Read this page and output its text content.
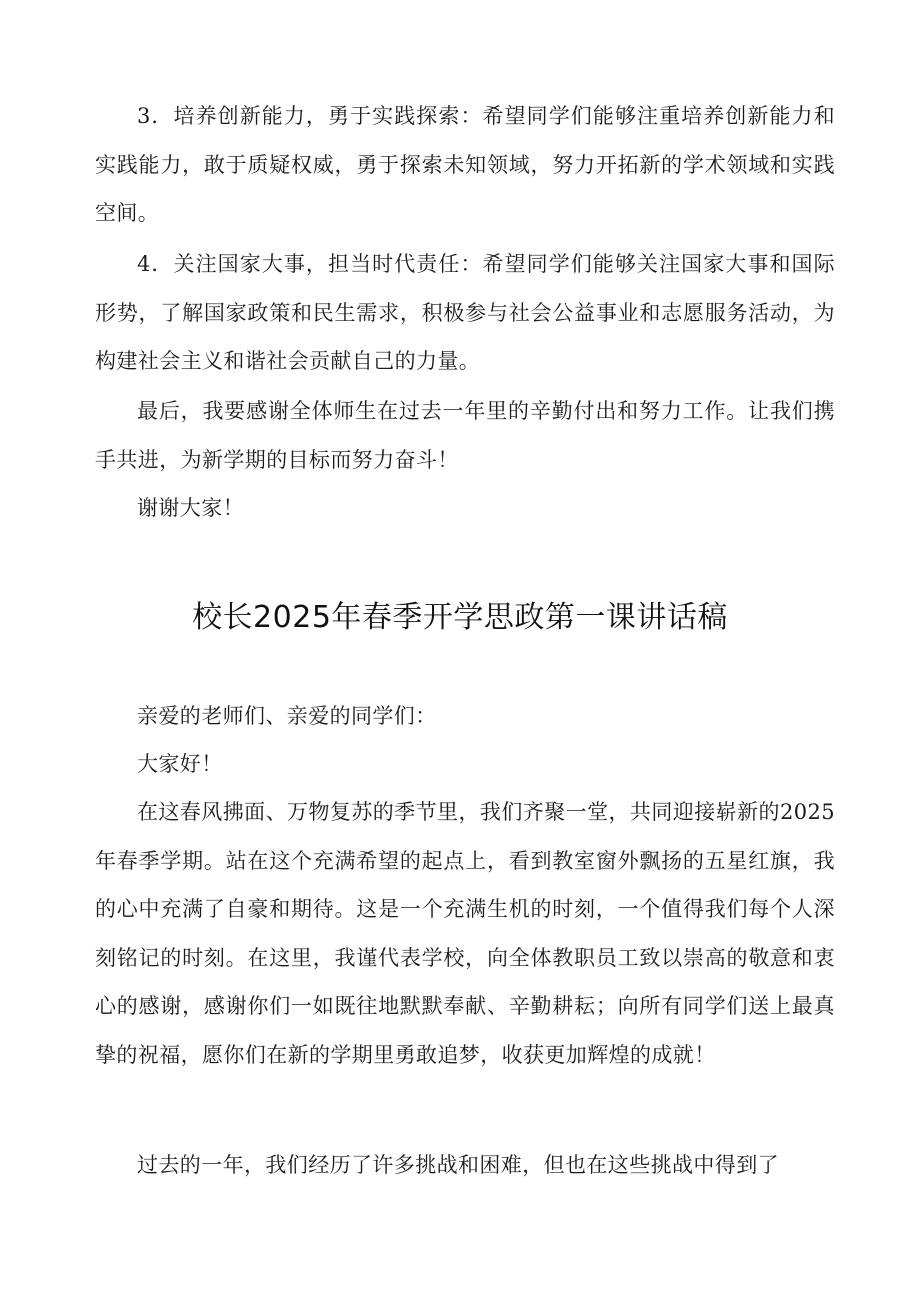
3．培养创新能力，勇于实践探索：希望同学们能够注重培养创新能力和实践能力，敢于质疑权威，勇于探索未知领域，努力开拓新的学术领域和实践空间。

4．关注国家大事，担当时代责任：希望同学们能够关注国家大事和国际形势，了解国家政策和民生需求，积极参与社会公益事业和志愿服务活动，为构建社会主义和谐社会贡献自己的力量。

最后，我要感谢全体师生在过去一年里的辛勤付出和努力工作。让我们携手共进，为新学期的目标而努力奋斗！

谢谢大家！

校长2025年春季开学思政第一课讲话稿

亲爱的老师们、亲爱的同学们：

大家好！

在这春风拂面、万物复苏的季节里，我们齐聚一堂，共同迎接崭新的2025年春季学期。站在这个充满希望的起点上，看到教室窗外飘扬的五星红旗，我的心中充满了自豪和期待。这是一个充满生机的时刻，一个值得我们每个人深刻铭记的时刻。在这里，我谨代表学校，向全体教职员工致以崇高的敬意和衷心的感谢，感谢你们一如既往地默默奉献、辛勤耕耘；向所有同学们送上最真挚的祝福，愿你们在新的学期里勇敢追梦，收获更加辉煌的成就！

过去的一年，我们经历了许多挑战和困难，但也在这些挑战中得到了
